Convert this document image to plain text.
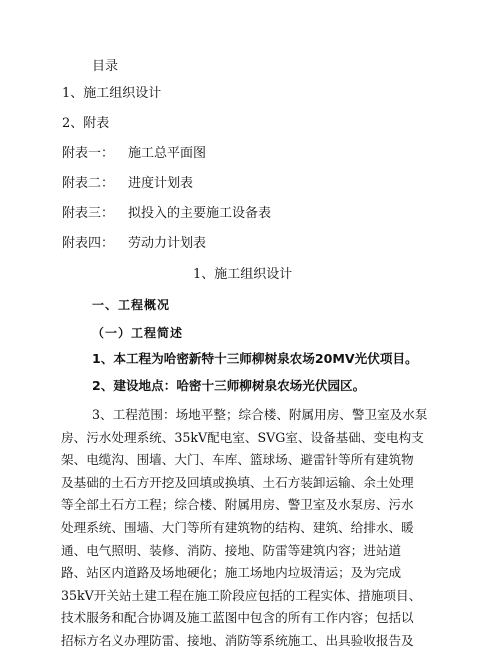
目录
1、施工组织设计
2、附表
附表一： 施工总平面图
附表二： 进度计划表
附表三： 拟投入的主要施工设备表
附表四： 劳动力计划表
1、施工组织设计
一、工程概况
（一）工程简述
1、本工程为哈密新特十三师柳树泉农场20MV光伏项目。
2、建设地点：哈密十三师柳树泉农场光伏园区。
3、工程范围：场地平整；综合楼、附属用房、警卫室及水泵
房、污水处理系统、35kV配电室、SVG室、设备基础、变电构支
架、电缆沟、围墙、大门、车库、篮球场、避雷针等所有建筑物
及基础的土石方开挖及回填或换填、土石方装卸运输、余土处理
等全部土石方工程；综合楼、附属用房、警卫室及水泵房、污水
处理系统、围墙、大门等所有建筑物的结构、建筑、给排水、暖
通、电气照明、装修、消防、接地、防雷等建筑内容；进站道
路、站区内道路及场地硬化；施工场地内垃圾清运；及为完成
35kV开关站土建工程在施工阶段应包括的工程实体、措施项目、
技术服务和配合协调及施工蓝图中包含的所有工作内容；包括以
招标方名义办理防雷、接地、消防等系统施工、出具验收报告及
